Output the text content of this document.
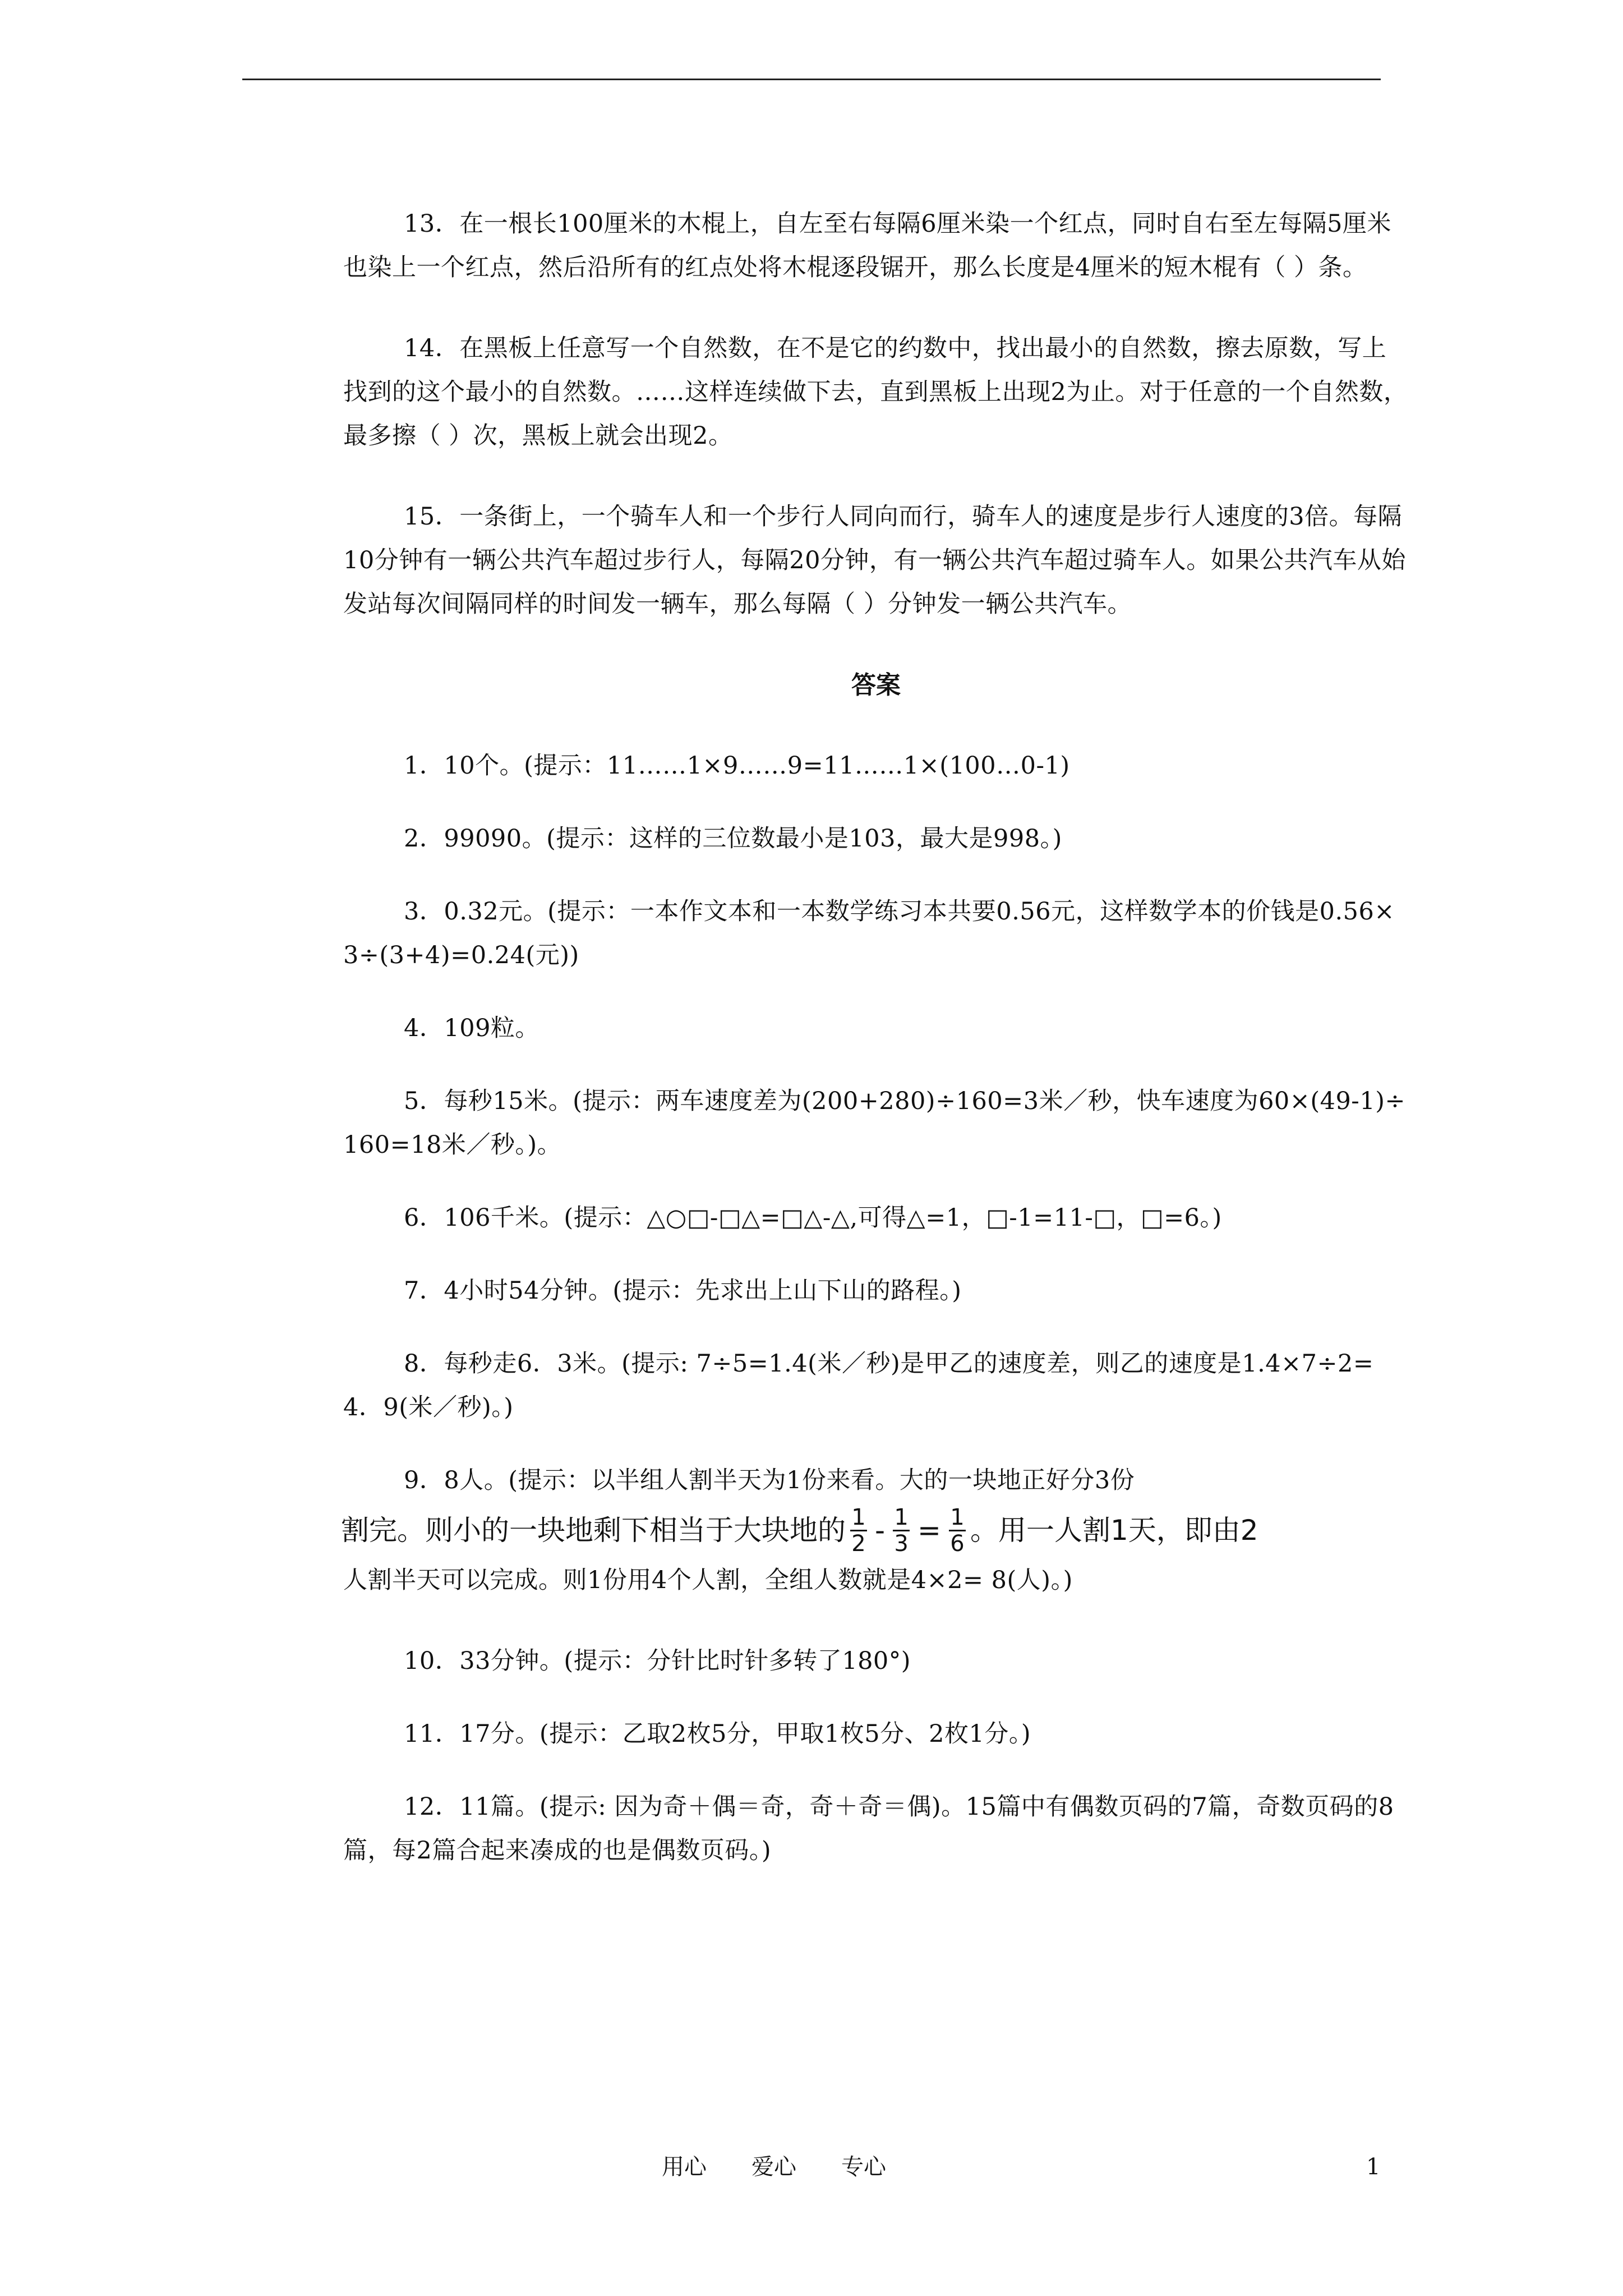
13．在一根长100厘米的木棍上，自左至右每隔6厘米染一个红点，同时自右至左每隔5厘米也染上一个红点，然后沿所有的红点处将木棍逐段锯开，那么长度是4厘米的短木棍有（ ）条。

14．在黑板上任意写一个自然数，在不是它的约数中，找出最小的自然数，擦去原数，写上找到的这个最小的自然数。……这样连续做下去，直到黑板上出现2为止。对于任意的一个自然数，最多擦（ ）次，黑板上就会出现2。

15．一条街上，一个骑车人和一个步行人同向而行，骑车人的速度是步行人速度的3倍。每隔10分钟有一辆公共汽车超过步行人，每隔20分钟，有一辆公共汽车超过骑车人。如果公共汽车从始发站每次间隔同样的时间发一辆车，那么每隔（ ）分钟发一辆公共汽车。

答案

1．10个。(提示：11……1×9……9=11……1×(100…0-1)

2．99090。(提示：这样的三位数最小是103，最大是998。)

3．0.32元。(提示：一本作文本和一本数学练习本共要0.56元，这样数学本的价钱是0.56×3÷(3+4)=0.24(元))

4．109粒。

5．每秒15米。(提示：两车速度差为(200+280)÷160=3米／秒，快车速度为60×(49-1)÷160=18米／秒。)。

6．106千米。(提示：△○□-□△=□△-△,可得△=1，□-1=11-□，□=6。)

7．4小时54分钟。(提示：先求出上山下山的路程。)

8．每秒走6．3米。(提示: 7÷5=1.4(米／秒)是甲乙的速度差，则乙的速度是1.4×7÷2=4．9(米／秒)。)

9．8人。(提示：以半组人割半天为1份来看。大的一块地正好分3份
割完。则小的一块地剩下相当于大块地的 $\frac{1}{2} - \frac{1}{3} = \frac{1}{6}$ 。用一人割1天，即由2
人割半天可以完成。则1份用4个人割，全组人数就是4×2= 8(人)。)

10．33分钟。(提示：分针比时针多转了180°)

11．17分。(提示：乙取2枚5分，甲取1枚5分、2枚1分。)

12．11篇。(提示: 因为奇＋偶＝奇，奇＋奇＝偶)。15篇中有偶数页码的7篇，奇数页码的8篇，每2篇合起来凑成的也是偶数页码。)

用心 爱心 专心	1
